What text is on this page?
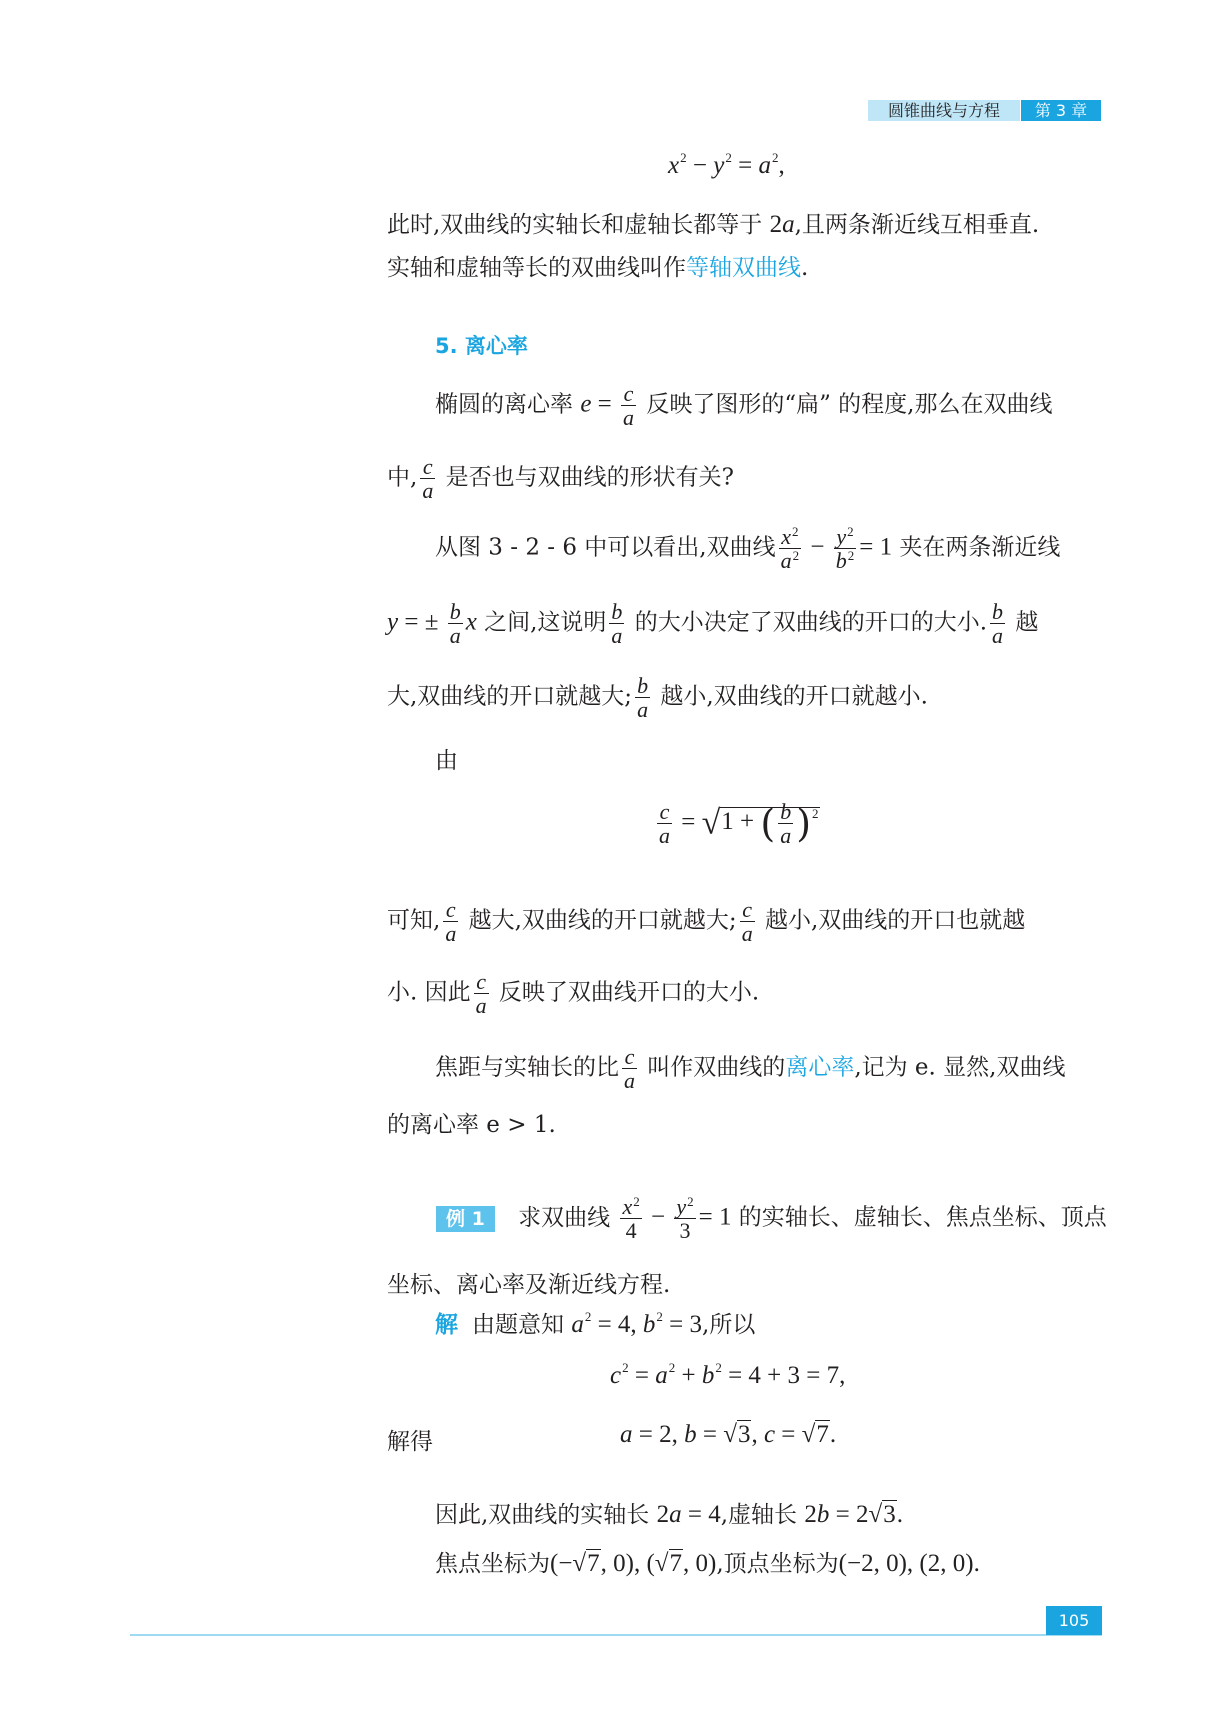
圆锥曲线与方程	第 3 章
$x^2 - y^2 = a^2$,
此时,双曲线的实轴长和虚轴长都等于 2a,且两条渐近线互相垂直.
实轴和虚轴等长的双曲线叫作等轴双曲线.
5. 离心率
椭圆的离心率 $e = \frac{c}{a}$ 反映了图形的“扁” 的程度,那么在双曲线
中, $\frac{c}{a}$ 是否也与双曲线的形状有关?
从图 3 - 2 - 6 中可以看出,双曲线 $\frac{x^2}{a^2} - \frac{y^2}{b^2} = 1$ 夹在两条渐近线
y = ± $\frac{b}{a}$ x 之间,这说明 $\frac{b}{a}$ 的大小决定了双曲线的开口的大小. $\frac{b}{a}$ 越
大,双曲线的开口就越大; $\frac{b}{a}$ 越小,双曲线的开口就越小.
由
$\frac{c}{a} = √1$ + ( $\frac{b}{a} )^2$
可知, $\frac{c}{a}$ 越大,双曲线的开口就越大; $\frac{c}{a}$ 越小,双曲线的开口也就越
小. 因此 $\frac{c}{a}$ 反映了双曲线开口的大小.
焦距与实轴长的比 $\frac{c}{a}$ 叫作双曲线的离心率,记为 e. 显然,双曲线
的离心率 e > 1.
例 1 求双曲线 $\frac{x^2}{4} - \frac{y^2}{3} = 1$ 的实轴长、虚轴长、焦点坐标、顶点
坐标、离心率及渐近线方程.
解 由题意知 $a^2 = 4$, $b^2 = 3$,所以
$c^2 = a^2 + b^2 = 4 + 3 = 7$,
解得	a = 2, b = √3, c = √7.
因此,双曲线的实轴长 2a = 4,虚轴长 2b = 2√3.
焦点坐标为(−√7, 0), (√7, 0),顶点坐标为(−2, 0), (2, 0).
105
